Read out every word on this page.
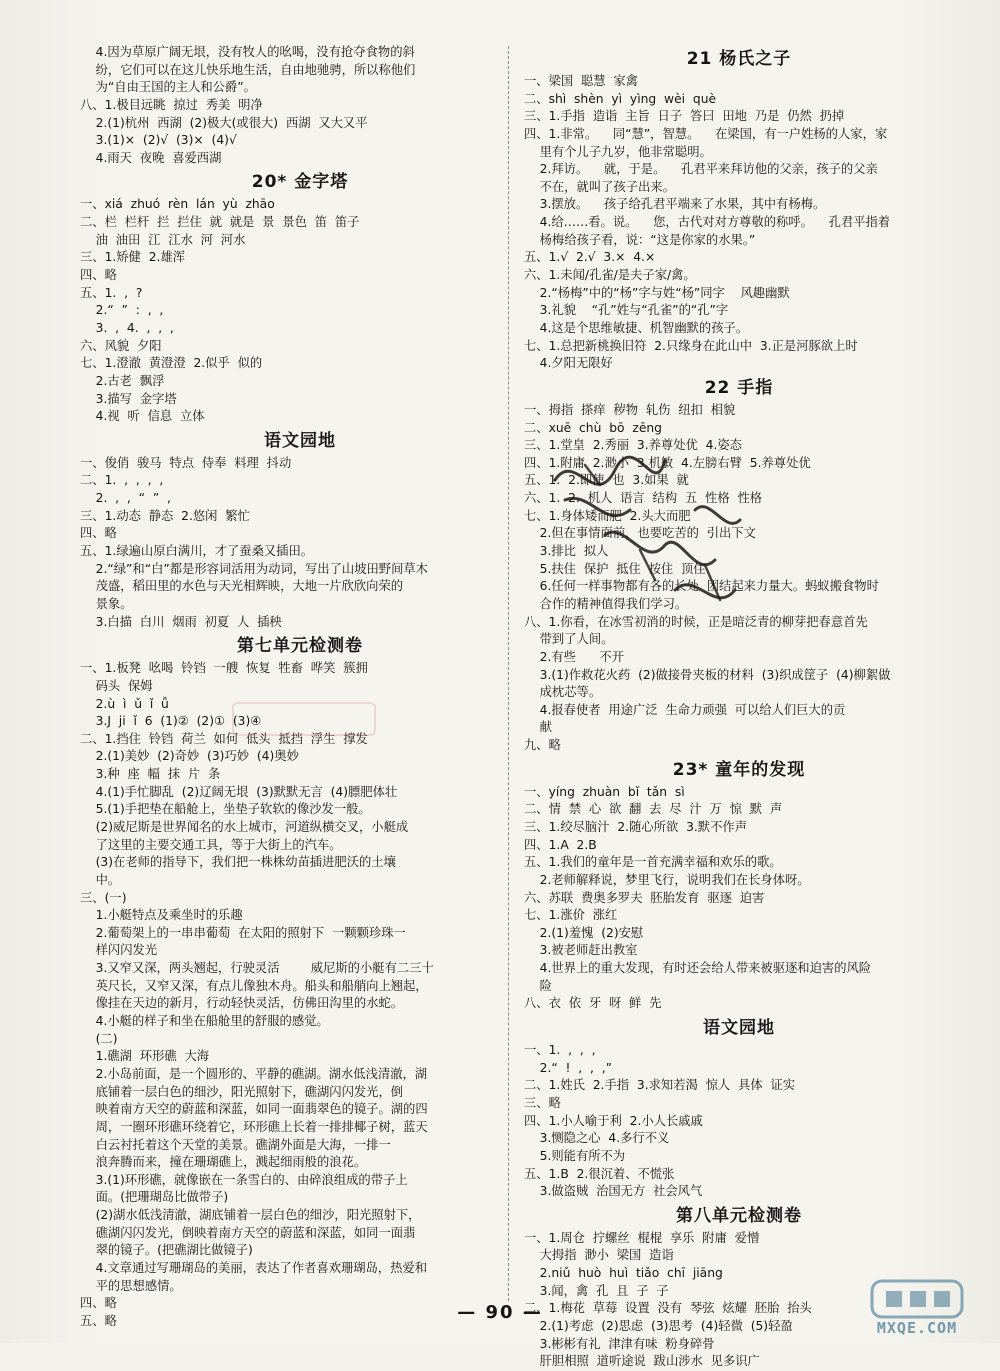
4.因为草原广阔无垠，没有牧人的吆喝，没有抢夺食物的斜
纷，它们可以在这儿快乐地生活，自由地驰骋，所以称他们
为“自由王国的主人和公爵”。
八、1.极目远眺  掠过  秀美  明净
2.(1)杭州  西湖  (2)极大(或很大)  西湖  又大又平
3.(1)×  (2)√  (3)×  (4)√
4.雨天  夜晚  喜爱西湖
20* 金字塔
一、xiá  zhuó  rèn  lán  yù  zhāo
二、栏  栏杆  拦  拦住  就  就是  景  景色  笛  笛子
油  油田  江  江水  河  河水
三、1.矫健  2.雄浑
四、略
五、1.  ,  ?
2.“  ”  :  ,  ,
3.  ,  4.  ,  ,  ,
六、风貌  夕阳
七、1.澄澈  黄澄澄  2.似乎  似的
2.古老  飘浮
3.描写  金字塔
4.视  听  信息  立体
语文园地
一、俊俏  骏马  特点  侍奉  料理  抖动
二、1.  ,  ,  ,  ,
2.  ,  ,  “  ”  ,
三、1.动态  静态  2.悠闲  繁忙
四、略
五、1.绿遍山原白满川，才了蚕桑又插田。
2.“绿”和“白”都是形容词活用为动词，写出了山坡田野间草木
茂盛，稻田里的水色与天光相辉映，大地一片欣欣向荣的
景象。
3.白描  白川  烟雨  初夏  人  插秧
第七单元检测卷
一、1.板凳  吆喝  铃铛  一艘  恢复  牲畜  哗笑  簇拥
码头  保姆
2.ù  ì  ǔ  ǐ  ǚ
3.J  ji  ǐ  6  (1)②  (2)①  (3)④
二、1.挡住  铃铛  荷兰  如何  低头  抵挡  浮生  撑发
2.(1)美妙  (2)奇妙  (3)巧妙  (4)奥妙
3.种  座  幅  抹  片  条
4.(1)手忙脚乱  (2)辽阔无垠  (3)默默无言  (4)膘肥体壮
5.(1)手把垫在船舱上，坐垫子软软的像沙发一般。
(2)威尼斯是世界闻名的水上城市，河道纵横交叉，小艇成
了这里的主要交通工具，等于大街上的汽车。
(3)在老师的指导下，我们把一株株幼苗插进肥沃的土壤
中。
三、(一)
1.小艇特点及乘坐时的乐趣
2.葡萄架上的一串串葡萄  在太阳的照射下  一颗颗珍珠一
样闪闪发光
3.又窄又深，两头翘起，行驶灵活        威尼斯的小艇有二三十
英尺长，又窄又深，有点儿像独木舟。船头和船艄向上翘起，
像挂在天边的新月，行动轻快灵活，仿佛田沟里的水蛇。
4.小艇的样子和坐在船舱里的舒服的感觉。
(二)
1.礁湖  环形礁  大海
2.小岛前面，是一个圆形的、平静的礁湖。湖水低浅清澈，湖
底铺着一层白色的细沙，阳光照射下，礁湖闪闪发光，倒
映着南方天空的蔚蓝和深蓝，如同一面翡翠色的镜子。湖的四
周，一圈环形礁环绕着它，环形礁上长着一排排椰子树，蓝天
白云衬托着这个天堂的美景。礁湖外面是大海，一排一
浪奔腾而来，撞在珊瑚礁上，溅起细雨般的浪花。
3.(1)环形礁，就像嵌在一条雪白的、由碎浪组成的带子上
面。(把珊瑚岛比做带子)
(2)湖水低浅清澈，湖底铺着一层白色的细沙，阳光照射下，
礁湖闪闪发光，倒映着南方天空的蔚蓝和深蓝，如同一面翡
翠的镜子。(把礁湖比做镜子)
4.文章通过写珊瑚岛的美丽，表达了作者喜欢珊瑚岛，热爱和
平的思想感情。
四、略
五、略
21 杨氏之子
一、梁国  聪慧  家禽
二、shì  shèn  yì  yìng  wèi  què
三、1.手指  造诣  主旨  日子  答曰  田地  乃是  仍然  扔掉
四、1.非常。    同“慧”，智慧。    在梁国，有一户姓杨的人家，家
里有个儿子九岁，他非常聪明。
2.拜访。    就，于是。    孔君平来拜访他的父亲，孩子的父亲
不在，就叫了孩子出来。
3.摆放。    孩子给孔君平端来了水果，其中有杨梅。
4.给……看。说。    您，古代对对方尊敬的称呼。    孔君平指着
杨梅给孩子看，说：“这是你家的水果。”
五、1.√  2.√  3.×  4.×
六、1.未闻/孔雀/是夫子家/禽。
2.“杨梅”中的“杨”字与姓“杨”同字    风趣幽默
3.礼貌    “孔”姓与“孔雀”的“孔”字
4.这是个思维敏捷、机智幽默的孩子。
七、1.总把新桃换旧符  2.只缘身在此山中  3.正是河豚欲上时
4.夕阳无限好
22 手指
一、拇指  搽痒  秽物  轧伤  纽扣  相貌
二、xuē  chù  bō  zēng
三、1.堂皇  2.秀丽  3.养尊处优  4.姿态
四、1.附庸  2.渺小  3.机敏  4.左膀右臂  5.养尊处优
五、1.  2.即使  也  3.如果  就
六、1.  2.  机人  语言  结构  五  性格  性格
七、1.身体矮而肥  2.头大而肥
2.但在事情面前，也要吃苦的  引出下文
3.排比  拟人
5.扶住  保护  抵住  按住  顶住
6.任何一样事物都有各的长处  团结起来力量大。蚂蚁搬食物时
合作的精神值得我们学习。
八、1.你看，在冰雪初消的时候，正是暗泛青的柳芽把春意首先
带到了人间。
2.有些      不开
3.(1)作救花火药  (2)做接骨夹板的材料  (3)织成筐子  (4)柳絮做
成枕芯等。
4.报春使者  用途广泛  生命力顽强  可以给人们巨大的贡
献
九、略
23* 童年的发现
一、yíng  zhuàn  bǐ  tǎn  sì
二、情  禁  心  欲  翻  去  尽  汁  万  惊  默  声
三、1.绞尽脑汁  2.随心所欲  3.默不作声
四、1.A  2.B
五、1.我们的童年是一首充满幸福和欢乐的歌。
2.老师解释说，梦里飞行，说明我们在长身体呀。
六、苏联  费奥多罗夫  胚胎发育  驱逐  迫害
七、1.涨价  涨红
2.(1)羞愧  (2)安慰
3.被老师赶出教室
4.世界上的重大发现，有时还会给人带来被驱逐和迫害的风险
险
八、衣  依  牙  呀  鲜  先
语文园地
一、1.  ,  ,  ,
2.“  !  ,  ,  ,”
二、1.姓氏  2.手指  3.求知若渴  惊人  具体  证实
三、略
四、1.小人喻于利  2.小人长戚戚
3.恻隐之心  4.多行不义
5.则能有所不为
五、1.B  2.很沉着、不慌张
3.做盗贼  治国无方  社会风气
第八单元检测卷
一、1.周仓  拧螺丝  棍棍  享乐  附庸  爱憎
大拇指  渺小  梁国  造诣
2.niǔ  huò  huì  tiǎo  chī  jiāng
3.闻，禽  孔  且  子  子
二、1.梅花  草莓  设置  没有  琴弦  炫耀  胚胎  抬头
2.(1)考虑  (2)思虑  (3)思考  (4)轻微  (5)轻盈
3.彬彬有礼  津津有味  粉身碎骨
肝胆相照  道听途说  跋山涉水  见多识广
— 90 —
MXQE.COM
